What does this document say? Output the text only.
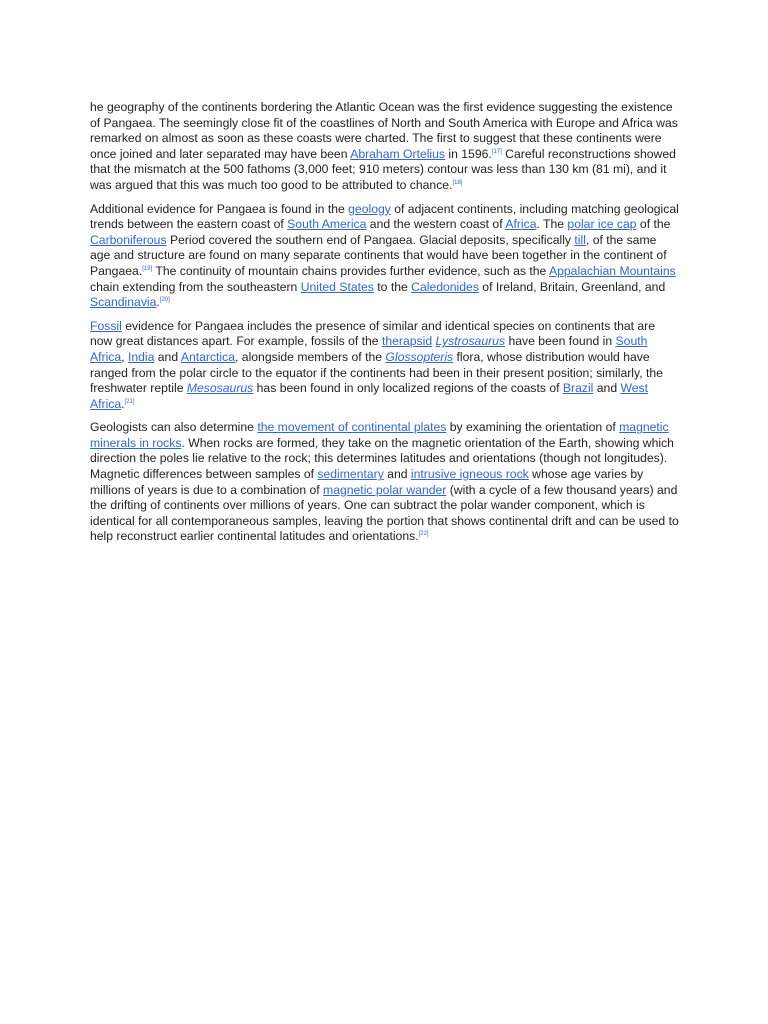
he geography of the continents bordering the Atlantic Ocean was the first evidence suggesting the existence of Pangaea. The seemingly close fit of the coastlines of North and South America with Europe and Africa was remarked on almost as soon as these coasts were charted. The first to suggest that these continents were once joined and later separated may have been Abraham Ortelius in 1596.[17] Careful reconstructions showed that the mismatch at the 500 fathoms (3,000 feet; 910 meters) contour was less than 130 km (81 mi), and it was argued that this was much too good to be attributed to chance.[18]

Additional evidence for Pangaea is found in the geology of adjacent continents, including matching geological trends between the eastern coast of South America and the western coast of Africa. The polar ice cap of the Carboniferous Period covered the southern end of Pangaea. Glacial deposits, specifically till, of the same age and structure are found on many separate continents that would have been together in the continent of Pangaea.[19] The continuity of mountain chains provides further evidence, such as the Appalachian Mountains chain extending from the southeastern United States to the Caledonides of Ireland, Britain, Greenland, and Scandinavia.[20]

Fossil evidence for Pangaea includes the presence of similar and identical species on continents that are now great distances apart. For example, fossils of the therapsid Lystrosaurus have been found in South Africa, India and Antarctica, alongside members of the Glossopteris flora, whose distribution would have ranged from the polar circle to the equator if the continents had been in their present position; similarly, the freshwater reptile Mesosaurus has been found in only localized regions of the coasts of Brazil and West Africa.[21]

Geologists can also determine the movement of continental plates by examining the orientation of magnetic minerals in rocks. When rocks are formed, they take on the magnetic orientation of the Earth, showing which direction the poles lie relative to the rock; this determines latitudes and orientations (though not longitudes). Magnetic differences between samples of sedimentary and intrusive igneous rock whose age varies by millions of years is due to a combination of magnetic polar wander (with a cycle of a few thousand years) and the drifting of continents over millions of years. One can subtract the polar wander component, which is identical for all contemporaneous samples, leaving the portion that shows continental drift and can be used to help reconstruct earlier continental latitudes and orientations.[22]
